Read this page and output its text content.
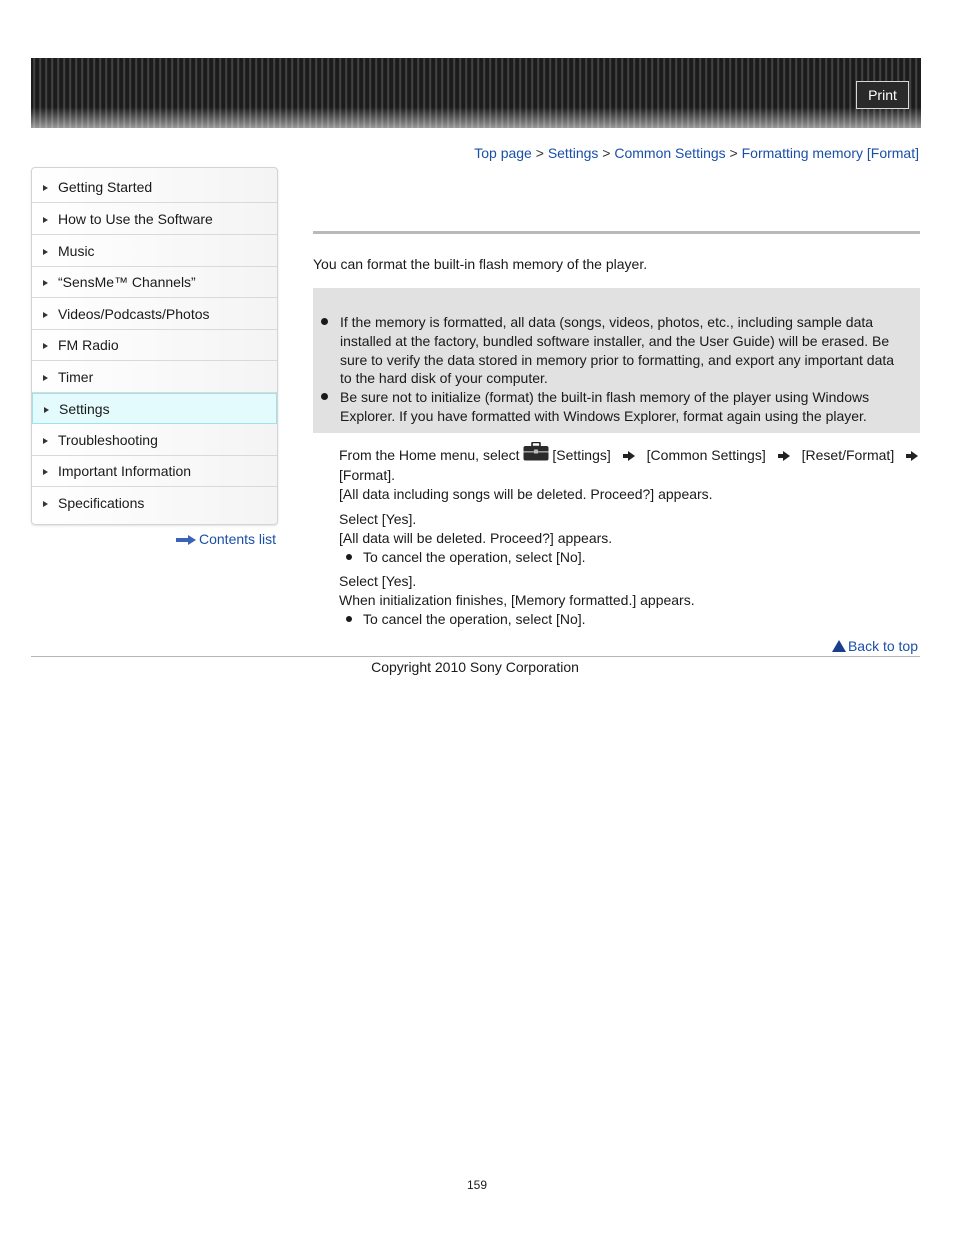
Print
Top page > Settings > Common Settings > Formatting memory [Format]
Getting Started
How to Use the Software
Music
“SensMe™ Channels”
Videos/Podcasts/Photos
FM Radio
Timer
Settings
Troubleshooting
Important Information
Specifications
Contents list
You can format the built-in flash memory of the player.
If the memory is formatted, all data (songs, videos, photos, etc., including sample data installed at the factory, bundled software installer, and the User Guide) will be erased. Be sure to verify the data stored in memory prior to formatting, and export any important data to the hard disk of your computer.
Be sure not to initialize (format) the built-in flash memory of the player using Windows Explorer. If you have formatted with Windows Explorer, format again using the player.
From the Home menu, select [Settings]	[Common Settings]	[Reset/Format]
[Format].
[All data including songs will be deleted. Proceed?] appears.
Select [Yes].
[All data will be deleted. Proceed?] appears.
To cancel the operation, select [No].
Select [Yes].
When initialization finishes, [Memory formatted.] appears.
To cancel the operation, select [No].
Back to top
Copyright 2010 Sony Corporation
159
